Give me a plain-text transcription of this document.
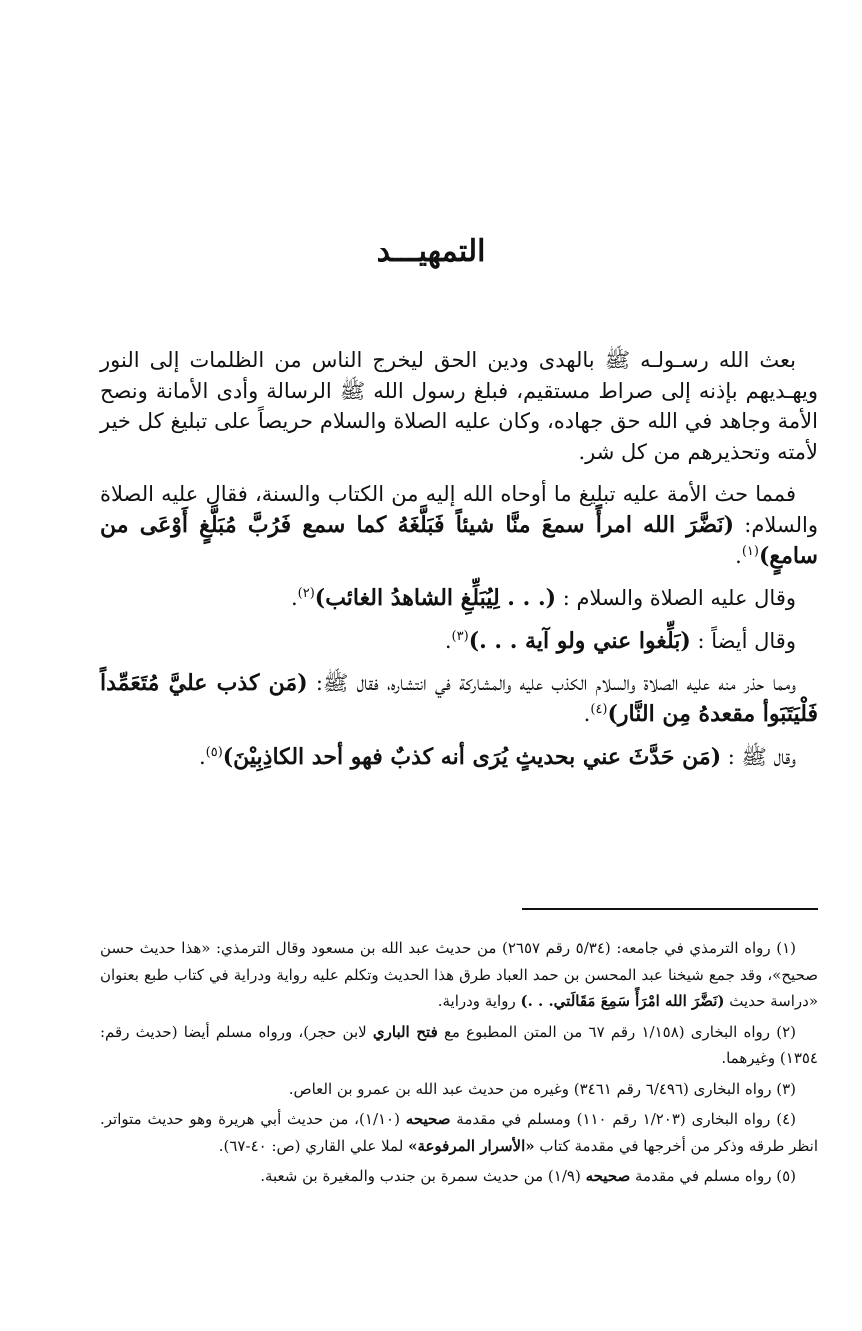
التمهيـــد

بعث الله رسـولـه ﷺ بالهدى ودين الحق ليخرج الناس من الظلمات إلى النور ويهـديهم بإذنه إلى صراط مستقيم، فبلغ رسول الله ﷺ الرسالة وأدى الأمانة ونصح الأمة وجاهد في الله حق جهاده، وكان عليه الصلاة والسلام حريصاً على تبليغ كل خير لأمته وتحذيرهم من كل شر.

فمما حث الأمة عليه تبليغ ما أوحاه الله إليه من الكتاب والسنة، فقال عليه الصلاة والسلام: (نَضَّرَ الله امرأً سمعَ منَّا شيئاً فَبَلَّغَهُ كما سمع فَرُبَّ مُبَلَّغٍ أَوْعَى من سامعٍ)$^{(١)}$.

وقال عليه الصلاة والسلام : (. . . لِيُبَلِّغِ الشاهدُ الغائب)$^{(٢)}$.

وقال أيضاً : (بَلِّغوا عني ولو آية . . .)$^{(٣)}$.

ومما حذر منه عليه الصلاة والسلام الكذب عليه والمشاركة في انتشاره، فقال ﷺ: (مَن كذب عليَّ مُتَعَمِّداً فَلْيَتَبَوأ مقعدهُ مِن النَّار)$^{(٤)}$.

وقال ﷺ : (مَن حَدَّثَ عني بحديثٍ يُرَى أنه كذبٌ فهو أحد الكاذِبِيْنَ)$^{(٥)}$.

(١) رواه الترمذي في جامعه: (٥/٣٤ رقم ٢٦٥٧) من حديث عبد الله بن مسعود وقال الترمذي: «هذا حديث حسن صحيح»، وقد جمع شيخنا عبد المحسن بن حمد العباد طرق هذا الحديث وتكلم عليه رواية ودراية في كتاب طبع بعنوان «دراسة حديث (نَضَّرَ الله امْرَأً سَمِعَ مَقَالَتي. . .) رواية ودراية.

(٢) رواه البخارى (١/١٥٨ رقم ٦٧ من المتن المطبوع مع فتح الباري لابن حجر)، ورواه مسلم أيضا (حديث رقم: ١٣٥٤) وغيرهما.

(٣) رواه البخارى (٦/٤٩٦ رقم ٣٤٦١) وغيره من حديث عبد الله بن عمرو بن العاص.

(٤) رواه البخارى (١/٢٠٣ رقم ١١٠) ومسلم في مقدمة صحيحه (١/١٠)، من حديث أبي هريرة وهو حديث متواتر. انظر طرقه وذكر من أخرجها في مقدمة كتاب «الأسرار المرفوعة» لملا علي القاري (ص: ٤٠-٦٧).

(٥) رواه مسلم في مقدمة صحيحه (١/٩) من حديث سمرة بن جندب والمغيرة بن شعبة.
